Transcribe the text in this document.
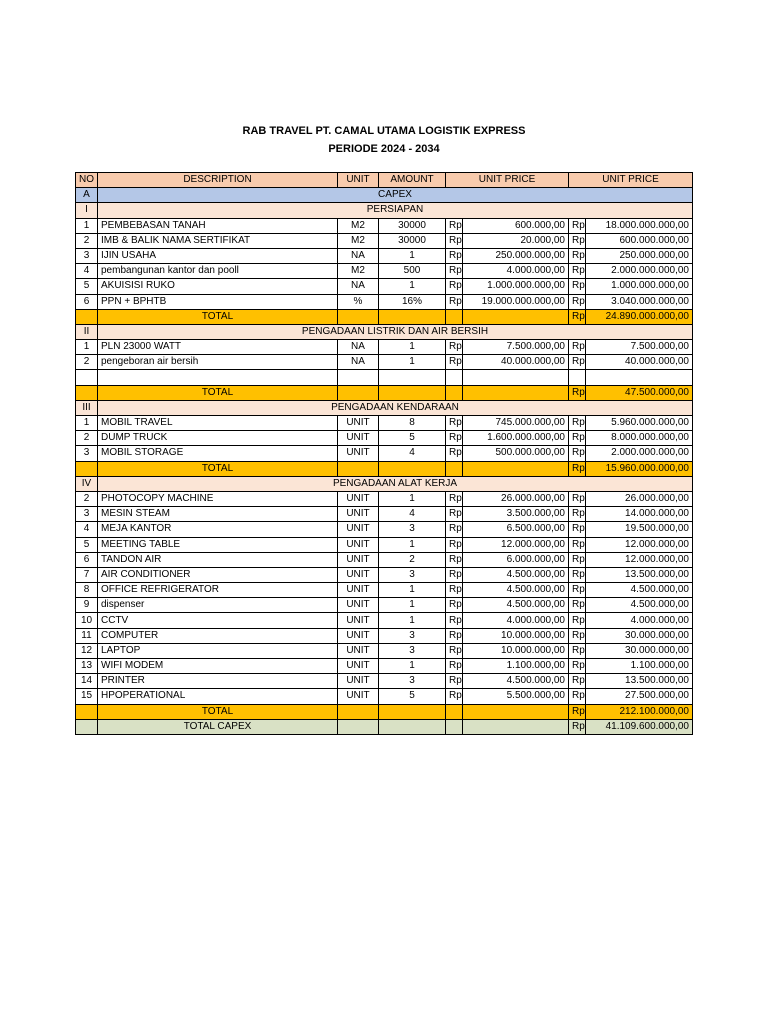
RAB TRAVEL PT. CAMAL UTAMA LOGISTIK EXPRESS
PERIODE 2024 - 2034
NO	DESCRIPTION	UNIT	AMOUNT	UNIT PRICE		UNIT PRICE	
A	CAPEX						
I	PERSIAPAN						
1	PEMBEBASAN TANAH	M2	30000	Rp	600.000,00	Rp	18.000.000.000,00
2	IMB & BALIK NAMA SERTIFIKAT	M2	30000	Rp	20.000,00	Rp	600.000.000,00
3	IJIN USAHA	NA	1	Rp	250.000.000,00	Rp	250.000.000,00
4	pembangunan kantor dan pooll	M2	500	Rp	4.000.000,00	Rp	2.000.000.000,00
5	AKUISISI RUKO	NA	1	Rp	1.000.000.000,00	Rp	1.000.000.000,00
6	PPN + BPHTB	%	16%	Rp	19.000.000.000,00	Rp	3.040.000.000,00
	TOTAL					Rp	24.890.000.000,00
II	PENGADAAN LISTRIK DAN AIR BERSIH						
1	PLN 23000 WATT	NA	1	Rp	7.500.000,00	Rp	7.500.000,00
2	pengeboran air bersih	NA	1	Rp	40.000.000,00	Rp	40.000.000,00

	TOTAL					Rp	47.500.000,00
III	PENGADAAN KENDARAAN						
1	MOBIL TRAVEL	UNIT	8	Rp	745.000.000,00	Rp	5.960.000.000,00
2	DUMP TRUCK	UNIT	5	Rp	1.600.000.000,00	Rp	8.000.000.000,00
3	MOBIL STORAGE	UNIT	4	Rp	500.000.000,00	Rp	2.000.000.000,00
	TOTAL					Rp	15.960.000.000,00
IV	PENGADAAN ALAT KERJA						
2	PHOTOCOPY MACHINE	UNIT	1	Rp	26.000.000,00	Rp	26.000.000,00
3	MESIN STEAM	UNIT	4	Rp	3.500.000,00	Rp	14.000.000,00
4	MEJA KANTOR	UNIT	3	Rp	6.500.000,00	Rp	19.500.000,00
5	MEETING TABLE	UNIT	1	Rp	12.000.000,00	Rp	12.000.000,00
6	TANDON AIR	UNIT	2	Rp	6.000.000,00	Rp	12.000.000,00
7	AIR CONDITIONER	UNIT	3	Rp	4.500.000,00	Rp	13.500.000,00
8	OFFICE REFRIGERATOR	UNIT	1	Rp	4.500.000,00	Rp	4.500.000,00
9	dispenser	UNIT	1	Rp	4.500.000,00	Rp	4.500.000,00
10	CCTV	UNIT	1	Rp	4.000.000,00	Rp	4.000.000,00
11	COMPUTER	UNIT	3	Rp	10.000.000,00	Rp	30.000.000,00
12	LAPTOP	UNIT	3	Rp	10.000.000,00	Rp	30.000.000,00
13	WIFI MODEM	UNIT	1	Rp	1.100.000,00	Rp	1.100.000,00
14	PRINTER	UNIT	3	Rp	4.500.000,00	Rp	13.500.000,00
15	HPOPERATIONAL	UNIT	5	Rp	5.500.000,00	Rp	27.500.000,00
	TOTAL					Rp	212.100.000,00
	TOTAL CAPEX					Rp	41.109.600.000,00
